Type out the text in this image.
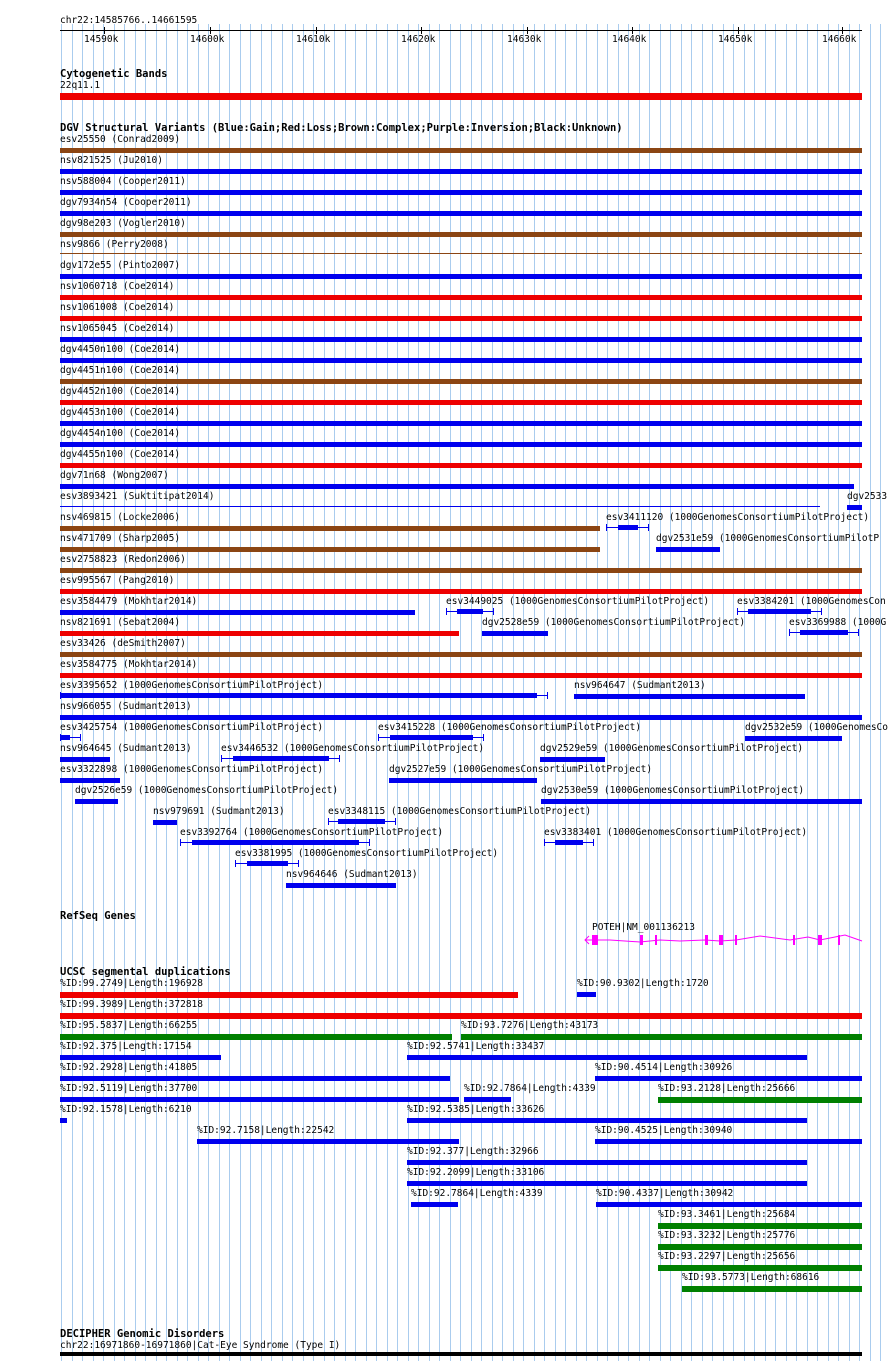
chr22:14585766..14661595
14590k	14600k	14610k	14620k	14630k	14640k	14650k	14660k
Cytogenetic Bands
DGV Structural Variants (Blue:Gain;Red:Loss;Brown:Complex;Purple:Inversion;Black:Unknown)
RefSeq Genes
UCSC segmental duplications
DECIPHER Genomic Disorders
22q11.1
esv25550 (Conrad2009)
nsv821525 (Ju2010)
nsv588004 (Cooper2011)
dgv7934n54 (Cooper2011)
dgv98e203 (Vogler2010)
nsv9866 (Perry2008)
dgv172e55 (Pinto2007)
nsv1060718 (Coe2014)
nsv1061008 (Coe2014)
nsv1065045 (Coe2014)
dgv4450n100 (Coe2014)
dgv4451n100 (Coe2014)
dgv4452n100 (Coe2014)
dgv4453n100 (Coe2014)
dgv4454n100 (Coe2014)
dgv4455n100 (Coe2014)
dgv71n68 (Wong2007)
esv3893421 (Suktitipat2014)	dgv2533
nsv469815 (Locke2006)	esv3411120 (1000GenomesConsortiumPilotProject)
nsv471709 (Sharp2005)	dgv2531e59 (1000GenomesConsortiumPilotP
esv2758823 (Redon2006)
esv995567 (Pang2010)
esv3584479 (Mokhtar2014)	esv3449025 (1000GenomesConsortiumPilotProject)	esv3384201 (1000GenomesCon
nsv821691 (Sebat2004)	dgv2528e59 (1000GenomesConsortiumPilotProject)	esv3369988 (1000G
esv33426 (deSmith2007)
esv3584775 (Mokhtar2014)
esv3395652 (1000GenomesConsortiumPilotProject)	nsv964647 (Sudmant2013)
nsv966055 (Sudmant2013)
esv3425754 (1000GenomesConsortiumPilotProject)	esv3415228 (1000GenomesConsortiumPilotProject)	dgv2532e59 (1000GenomesCo
nsv964645 (Sudmant2013)	esv3446532 (1000GenomesConsortiumPilotProject)	dgv2529e59 (1000GenomesConsortiumPilotProject)
esv3322898 (1000GenomesConsortiumPilotProject)	dgv2527e59 (1000GenomesConsortiumPilotProject)
dgv2526e59 (1000GenomesConsortiumPilotProject)	dgv2530e59 (1000GenomesConsortiumPilotProject)
nsv979691 (Sudmant2013)	esv3348115 (1000GenomesConsortiumPilotProject)
esv3392764 (1000GenomesConsortiumPilotProject)	esv3383401 (1000GenomesConsortiumPilotProject)
esv3381995 (1000GenomesConsortiumPilotProject)
nsv964646 (Sudmant2013)
%ID:99.2749|Length:196928	%ID:90.9302|Length:1720
%ID:99.3989|Length:372818
%ID:95.5837|Length:66255	%ID:93.7276|Length:43173
%ID:92.375|Length:17154	%ID:92.5741|Length:33437
%ID:92.2928|Length:41805	%ID:90.4514|Length:30926
%ID:92.5119|Length:37700	%ID:92.7864|Length:4339	%ID:93.2128|Length:25666
%ID:92.1578|Length:6210	%ID:92.5385|Length:33626
%ID:92.7158|Length:22542	%ID:90.4525|Length:30940
%ID:92.377|Length:32966
%ID:92.2099|Length:33106
%ID:92.7864|Length:4339	%ID:90.4337|Length:30942
%ID:93.3461|Length:25684
%ID:93.3232|Length:25776
%ID:93.2297|Length:25656
%ID:93.5773|Length:68616
chr22:16971860-16971860|Cat-Eye Syndrome (Type I)
POTEH|NM_001136213
